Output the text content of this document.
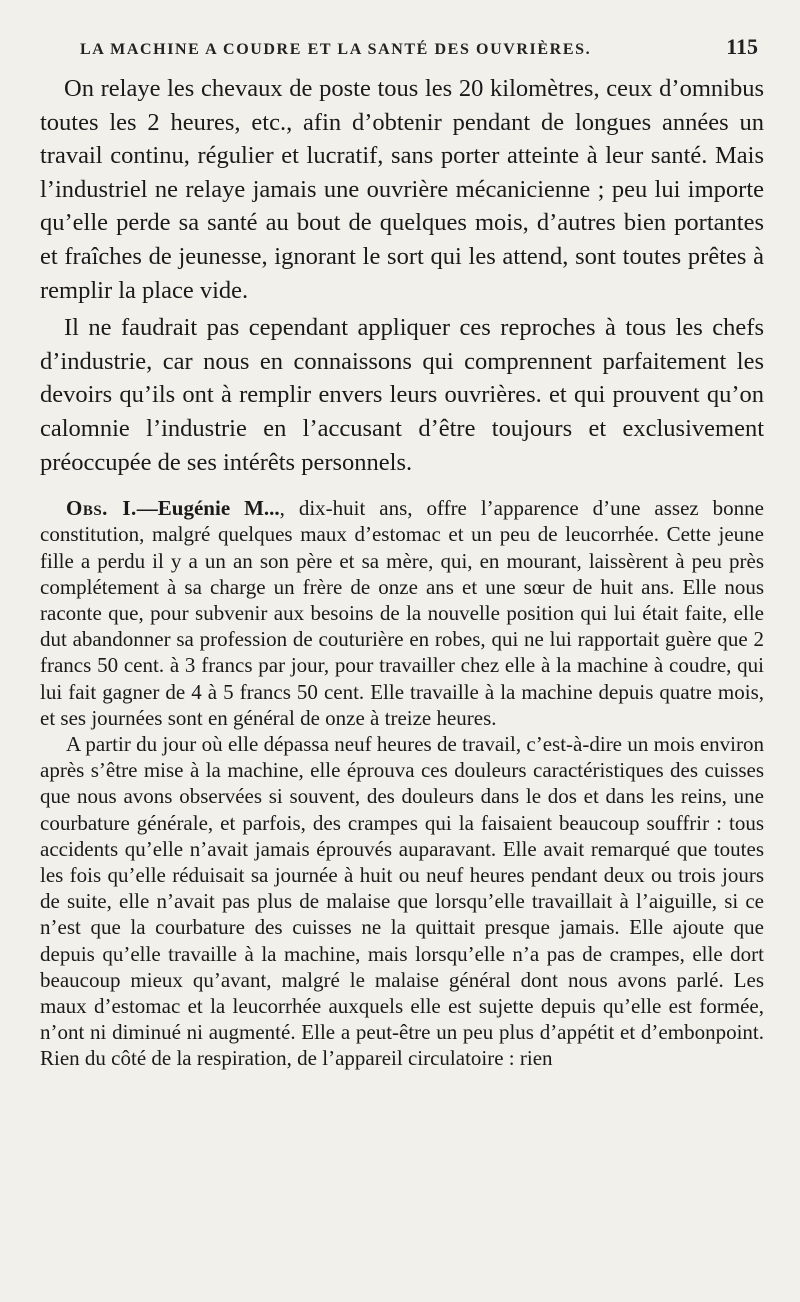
LA MACHINE A COUDRE ET LA SANTÉ DES OUVRIÈRES.	115

On relaye les chevaux de poste tous les 20 kilomètres, ceux d’omnibus toutes les 2 heures, etc., afin d’obtenir pendant de longues années un travail continu, régulier et lucratif, sans porter atteinte à leur santé. Mais l’industriel ne relaye jamais une ouvrière mécanicienne ; peu lui importe qu’elle perde sa santé au bout de quelques mois, d’autres bien portantes et fraîches de jeunesse, ignorant le sort qui les attend, sont toutes prêtes à remplir la place vide.

Il ne faudrait pas cependant appliquer ces reproches à tous les chefs d’industrie, car nous en connaissons qui comprennent parfaitement les devoirs qu’ils ont à remplir envers leurs ouvrières. et qui prouvent qu’on calomnie l’industrie en l’accusant d’être toujours et exclusivement préoccupée de ses intérêts personnels.

Obs. I.—Eugénie M..., dix-huit ans, offre l’apparence d’une assez bonne constitution, malgré quelques maux d’estomac et un peu de leucorrhée. Cette jeune fille a perdu il y a un an son père et sa mère, qui, en mourant, laissèrent à peu près complétement à sa charge un frère de onze ans et une sœur de huit ans. Elle nous raconte que, pour subvenir aux besoins de la nouvelle position qui lui était faite, elle dut abandonner sa profession de couturière en robes, qui ne lui rapportait guère que 2 francs 50 cent. à 3 francs par jour, pour travailler chez elle à la machine à coudre, qui lui fait gagner de 4 à 5 francs 50 cent. Elle travaille à la machine depuis quatre mois, et ses journées sont en général de onze à treize heures.

A partir du jour où elle dépassa neuf heures de travail, c’est-à-dire un mois environ après s’être mise à la machine, elle éprouva ces douleurs caractéristiques des cuisses que nous avons observées si souvent, des douleurs dans le dos et dans les reins, une courbature générale, et parfois, des crampes qui la faisaient beaucoup souffrir : tous accidents qu’elle n’avait jamais éprouvés auparavant. Elle avait remarqué que toutes les fois qu’elle réduisait sa journée à huit ou neuf heures pendant deux ou trois jours de suite, elle n’avait pas plus de malaise que lorsqu’elle travaillait à l’aiguille, si ce n’est que la courbature des cuisses ne la quittait presque jamais. Elle ajoute que depuis qu’elle travaille à la machine, mais lorsqu’elle n’a pas de crampes, elle dort beaucoup mieux qu’avant, malgré le malaise général dont nous avons parlé. Les maux d’estomac et la leucorrhée auxquels elle est sujette depuis qu’elle est formée, n’ont ni diminué ni augmenté. Elle a peut-être un peu plus d’appétit et d’embonpoint. Rien du côté de la respiration, de l’appareil circulatoire : rien
